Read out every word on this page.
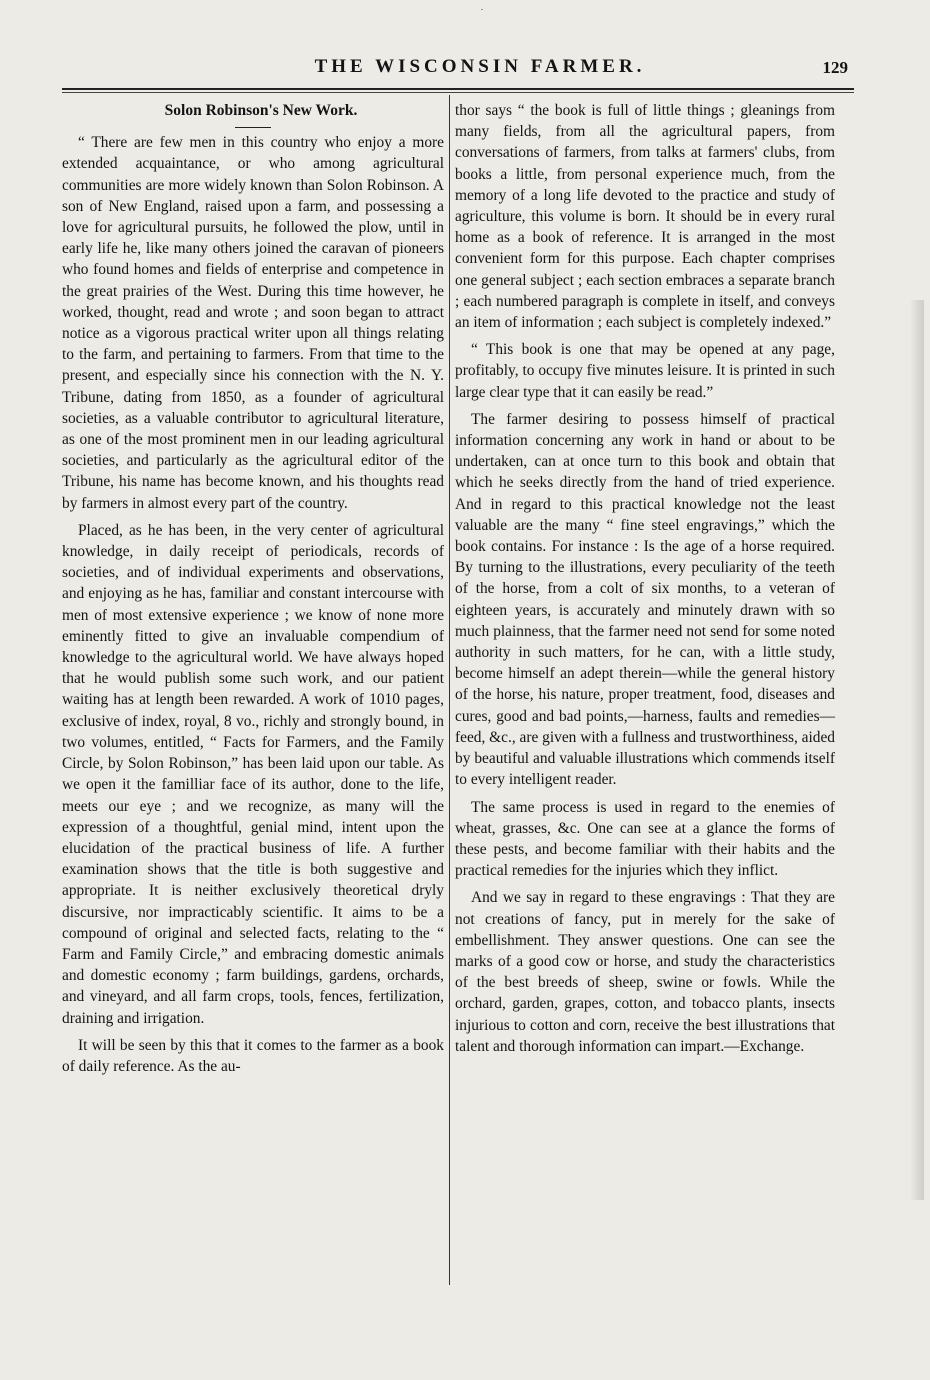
THE WISCONSIN FARMER.	129

Solon Robinson's New Work.

“ There are few men in this country who enjoy a more extended acquaintance, or who among agricultural communities are more widely known than Solon Robinson. A son of New England, raised upon a farm, and possessing a love for agricultural pursuits, he followed the plow, until in early life he, like many others joined the caravan of pioneers who found homes and fields of enterprise and competence in the great prairies of the West. During this time however, he worked, thought, read and wrote ; and soon began to attract notice as a vigorous practical writer upon all things relating to the farm, and pertaining to farmers. From that time to the present, and especially since his connection with the N. Y. Tribune, dating from 1850, as a founder of agricultural societies, as a valuable contributor to agricultural literature, as one of the most prominent men in our leading agricultural societies, and particularly as the agricultural editor of the Tribune, his name has become known, and his thoughts read by farmers in almost every part of the country.

Placed, as he has been, in the very center of agricultural knowledge, in daily receipt of periodicals, records of societies, and of individual experiments and observations, and enjoying as he has, familiar and constant intercourse with men of most extensive experience ; we know of none more eminently fitted to give an invaluable compendium of knowledge to the agricultural world. We have always hoped that he would publish some such work, and our patient waiting has at length been rewarded. A work of 1010 pages, exclusive of index, royal, 8 vo., richly and strongly bound, in two volumes, entitled, “ Facts for Farmers, and the Family Circle, by Solon Robinson,” has been laid upon our table. As we open it the familliar face of its author, done to the life, meets our eye ; and we recognize, as many will the expression of a thoughtful, genial mind, intent upon the elucidation of the practical business of life. A further examination shows that the title is both suggestive and appropriate. It is neither exclusively theoretical dryly discursive, nor impracticably scientific. It aims to be a compound of original and selected facts, relating to the “ Farm and Family Circle,” and embracing domestic animals and domestic economy ; farm buildings, gardens, orchards, and vineyard, and all farm crops, tools, fences, fertilization, draining and irrigation.

It will be seen by this that it comes to the farmer as a book of daily reference. As the au-

thor says “ the book is full of little things ; gleanings from many fields, from all the agricultural papers, from conversations of farmers, from talks at farmers' clubs, from books a little, from personal experience much, from the memory of a long life devoted to the practice and study of agriculture, this volume is born. It should be in every rural home as a book of reference. It is arranged in the most convenient form for this purpose. Each chapter comprises one general subject ; each section embraces a separate branch ; each numbered paragraph is complete in itself, and conveys an item of information ; each subject is completely indexed.”

“ This book is one that may be opened at any page, profitably, to occupy five minutes leisure. It is printed in such large clear type that it can easily be read.”

The farmer desiring to possess himself of practical information concerning any work in hand or about to be undertaken, can at once turn to this book and obtain that which he seeks directly from the hand of tried experience. And in regard to this practical knowledge not the least valuable are the many “ fine steel engravings,” which the book contains. For instance : Is the age of a horse required. By turning to the illustrations, every peculiarity of the teeth of the horse, from a colt of six months, to a veteran of eighteen years, is accurately and minutely drawn with so much plainness, that the farmer need not send for some noted authority in such matters, for he can, with a little study, become himself an adept therein—while the general history of the horse, his nature, proper treatment, food, diseases and cures, good and bad points,—harness, faults and remedies—feed, &c., are given with a fullness and trustworthiness, aided by beautiful and valuable illustrations which commends itself to every intelligent reader.

The same process is used in regard to the enemies of wheat, grasses, &c. One can see at a glance the forms of these pests, and become familiar with their habits and the practical remedies for the injuries which they inflict.

And we say in regard to these engravings : That they are not creations of fancy, put in merely for the sake of embellishment. They answer questions. One can see the marks of a good cow or horse, and study the characteristics of the best breeds of sheep, swine or fowls. While the orchard, garden, grapes, cotton, and tobacco plants, insects injurious to cotton and corn, receive the best illustrations that talent and thorough information can impart.—Exchange.
